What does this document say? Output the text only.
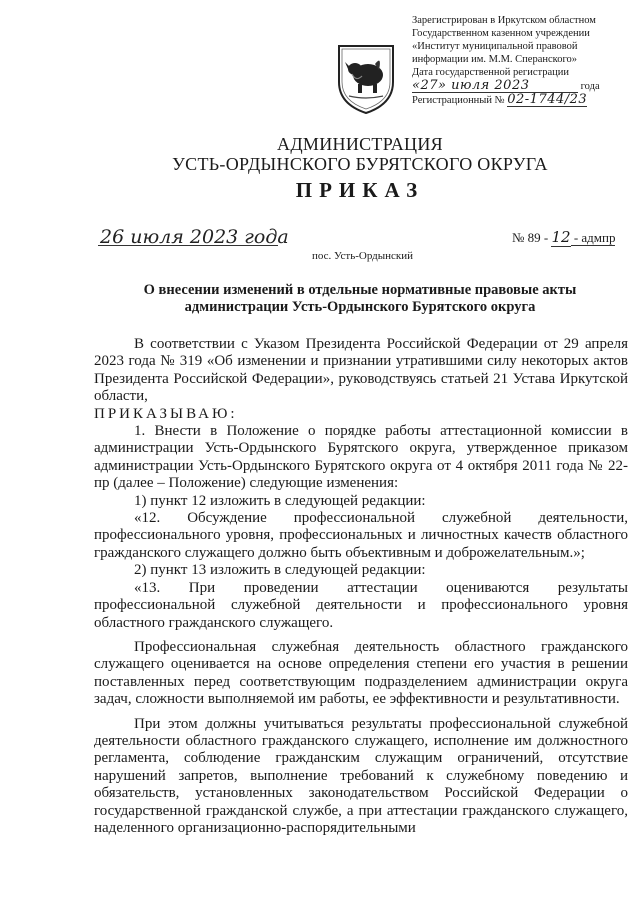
Зарегистрирован в Иркутском областном
Государственном казенном учреждении
«Институт муниципальной правовой
информации им. М.М. Сперанского»
Дата государственной регистрации
«27» июля 2023	года
Регистрационный № 02-1744/23
АДМИНИСТРАЦИЯ
УСТЬ-ОРДЫНСКОГО БУРЯТСКОГО ОКРУГА
ПРИКАЗ
26 июля 2023 года	№ 89 - 12 - адмпр
пос. Усть-Ордынский
О внесении изменений в отдельные нормативные правовые акты
администрации Усть-Ордынского Бурятского округа

В соответствии с Указом Президента Российской Федерации от 29 апреля 2023 года № 319 «Об изменении и признании утратившими силу некоторых актов Президента Российской Федерации», руководствуясь статьей 21 Устава Иркутской области,

ПРИКАЗЫВАЮ:

1. Внести в Положение о порядке работы аттестационной комиссии в администрации Усть-Ордынского Бурятского округа, утвержденное приказом администрации Усть-Ордынского Бурятского округа от 4 октября 2011 года № 22-пр (далее – Положение) следующие изменения:

1) пункт 12 изложить в следующей редакции:

«12. Обсуждение профессиональной служебной деятельности, профессионального уровня, профессиональных и личностных качеств областного гражданского служащего должно быть объективным и доброжелательным.»;

2) пункт 13 изложить в следующей редакции:

«13. При проведении аттестации оцениваются результаты профессиональной служебной деятельности и профессионального уровня областного гражданского служащего.

Профессиональная служебная деятельность областного гражданского служащего оценивается на основе определения степени его участия в решении поставленных перед соответствующим подразделением администрации округа задач, сложности выполняемой им работы, ее эффективности и результативности.

При этом должны учитываться результаты профессиональной служебной деятельности областного гражданского служащего, исполнение им должностного регламента, соблюдение гражданским служащим ограничений, отсутствие нарушений запретов, выполнение требований к служебному поведению и обязательств, установленных законодательством Российской Федерации о государственной гражданской службе, а при аттестации гражданского служащего, наделенного организационно-распорядительными
